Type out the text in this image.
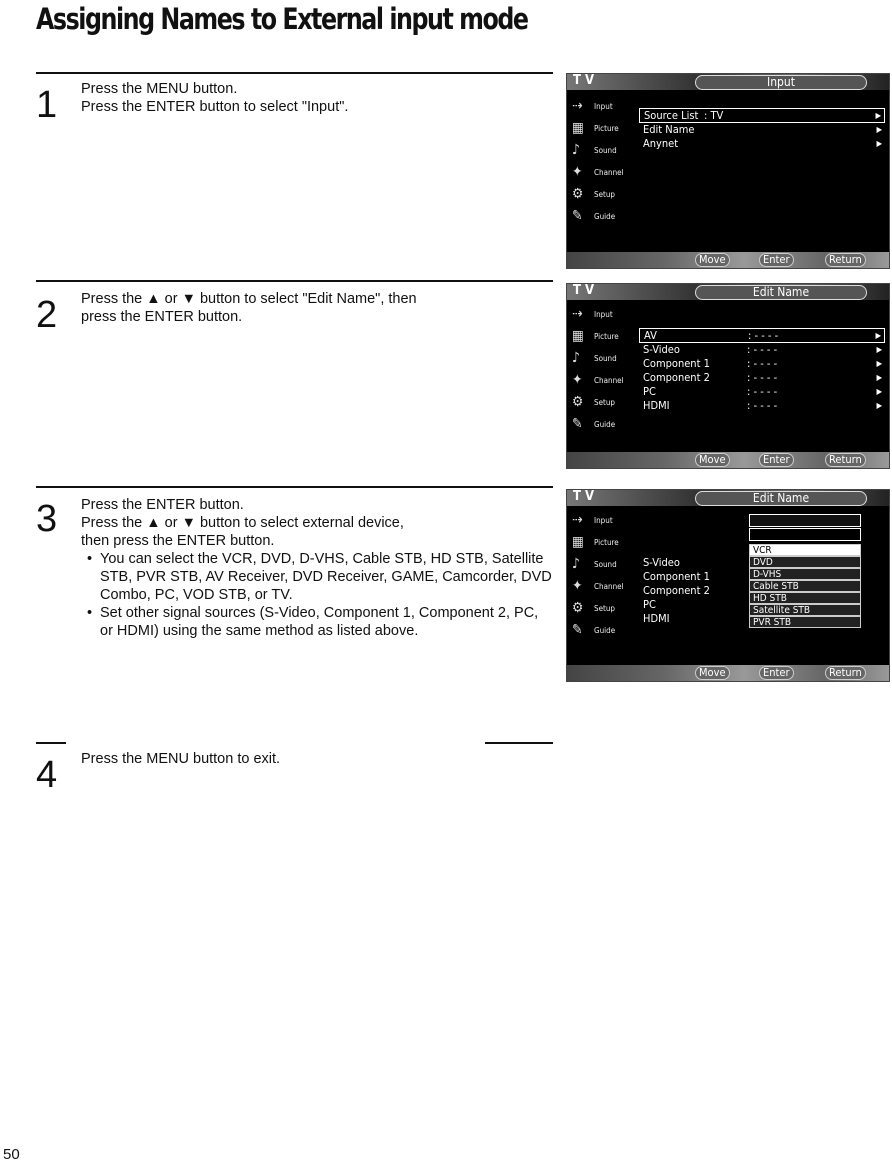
Assigning Names to External input mode
1 Press the MENU button.

Press the ENTER button to select "Input".

2 Press the ▲ or ▼ button to select "Edit Name", then

press the ENTER button.

3 Press the ENTER button.

Press the ▲ or ▼ button to select external device,

then press the ENTER button.

• You can select the VCR, DVD, D-VHS, Cable STB, HD STB, Satellite STB, PVR STB, AV Receiver, DVD Receiver, GAME, Camcorder, DVD Combo, PC, VOD STB, or TV.
• Set other signal sources (S-Video, Component 1, Component 2, PC, or HDMI) using the same method as listed above.
4 Press the MENU button to exit.

T V	Input
⇢ Input
▦ Picture
♪ Sound
✦ Channel
⚙ Setup
✎ Guide
Source List : TV	▶
Edit Name	▶
Anynet	▶
Move	Enter	Return
T V	Edit Name
⇢ Input
▦ Picture
♪ Sound
✦ Channel
⚙ Setup
✎ Guide
AV	: - - - -	▶
S-Video	: - - - -	▶
Component 1	: - - - -	▶
Component 2	: - - - -	▶
PC	: - - - -	▶
HDMI	: - - - -	▶
Move	Enter	Return
T V	Edit Name
⇢ Input
▦ Picture
♪ Sound
✦ Channel
⚙ Setup
✎ Guide
S-Video
Component 1
Component 2
PC
HDMI
VCR
DVD
D-VHS
Cable STB
HD STB
Satellite STB
PVR STB
Move	Enter	Return
50
